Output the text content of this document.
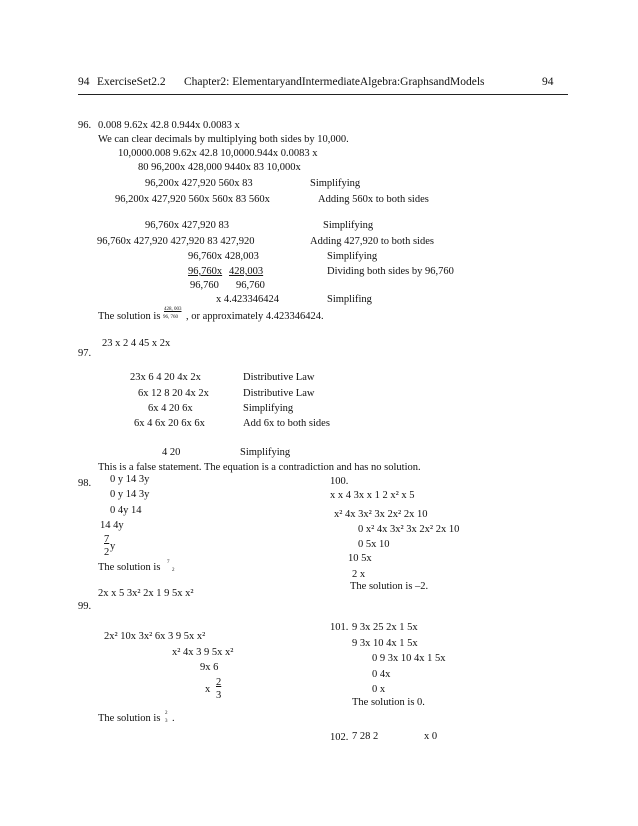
94 ExerciseSet2.2 Chapter2: ElementaryandIntermediateAlgebra:GraphsandModels	94
96. 0.008 9.62x 42.8 0.944x 0.0083 x
We can clear decimals by multiplying both sides by 10,000.
10,0000.008 9.62x 42.8 10,0000.944x 0.0083 x
80 96,200x 428,000 9440x 83 10,000x
96,200x 427,920 560x 83	Simplifying
96,200x 427,920 560x 560x 83 560x	Adding 560x to both sides
96,760x 427,920 83	Simplifying
96,760x 427,920 427,920 83 427,920	Adding 427,920 to both sides
96,760x 428,003	Simplifying
96,760x 428,003	Dividing both sides by 96,760
96,760 96,760
x 4.423346424	Simplifing
The solution is
428, 003
96, 760 , or approximately 4.423346424.
97.
23 x 2 4 45 x 2x
23x 6 4 20 4x 2x	Distributive Law
6x 12 8 20 4x 2x	Distributive Law
6x 4 20 6x	Simplifying
6x 4 6x 20 6x 6x	Add 6x to both sides
4 20	Simplifying
This is a false statement. The equation is a contradiction and has no solution.
98. 0 y 14 3y
0 y 14 3y
0 4y 14
14 4y
7
y
2
The solution is 7
2
99.
2x x 5 3x² 2x 1 9 5x x²
2x² 10x 3x² 6x 3 9 5x x²
x² 4x 3 9 5x x²
9x 6
x
2
3
The solution is 2
3 .
100.
x x 4 3x x 1 2 x² x 5
x² 4x 3x² 3x 2x² 2x 10
0 x² 4x 3x² 3x 2x² 2x 10
0 5x 10
10 5x
2 x
The solution is –2.
101. 9 3x 25 2x 1 5x
9 3x 10 4x 1 5x
0 9 3x 10 4x 1 5x
0 4x
0 x
The solution is 0.
102. 7 28 2	x 0
